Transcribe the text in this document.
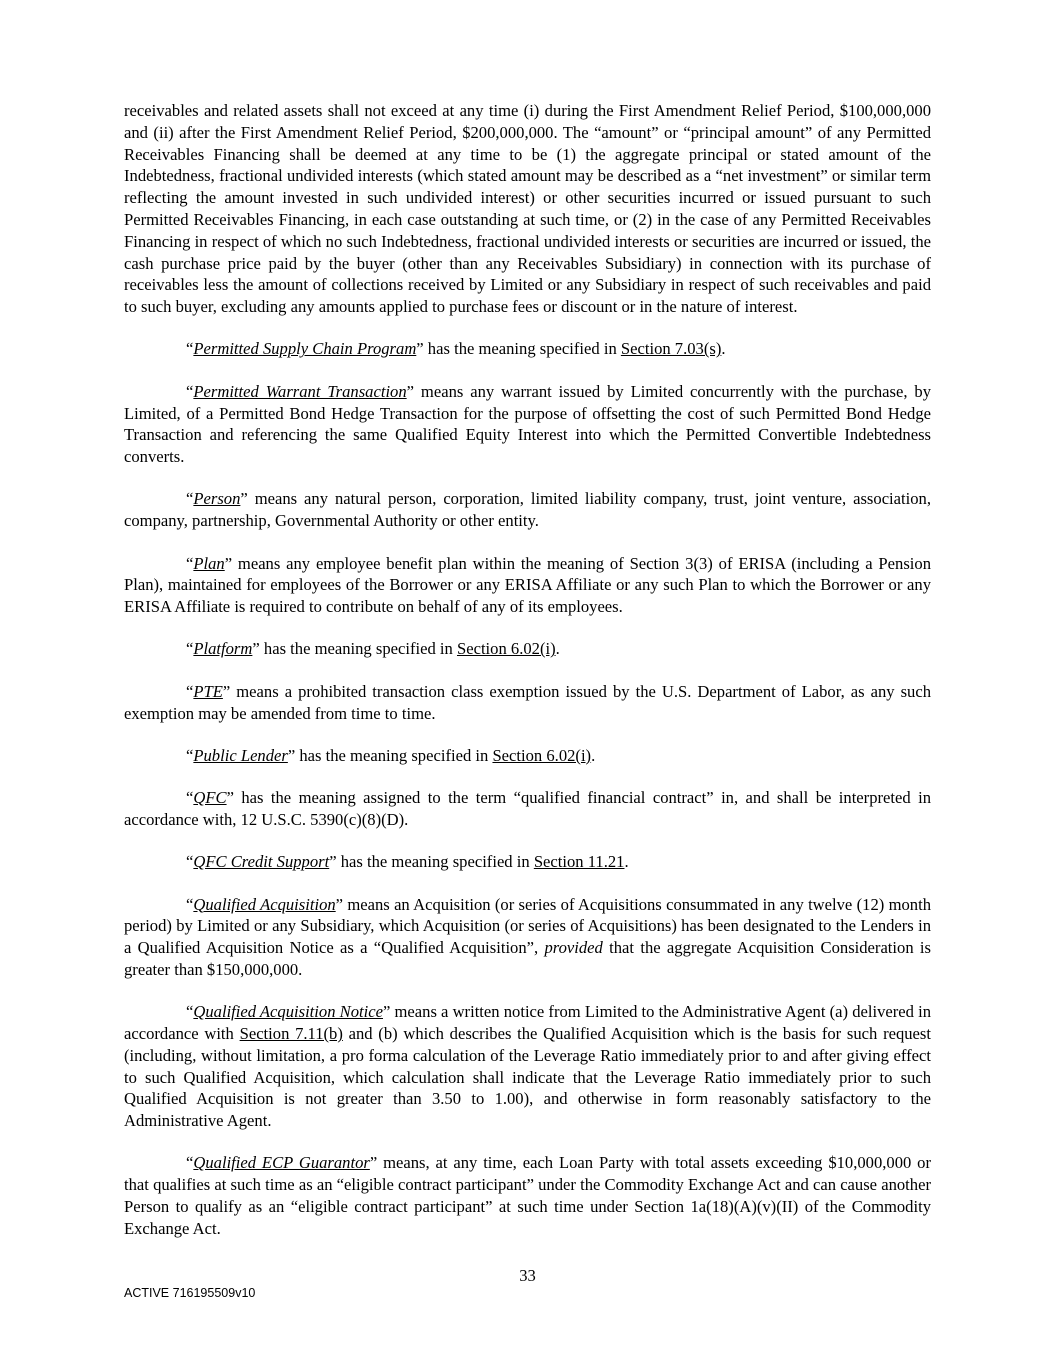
receivables and related assets shall not exceed at any time (i) during the First Amendment Relief Period, $100,000,000 and (ii) after the First Amendment Relief Period, $200,000,000. The “amount” or “principal amount” of any Permitted Receivables Financing shall be deemed at any time to be (1) the aggregate principal or stated amount of the Indebtedness, fractional undivided interests (which stated amount may be described as a “net investment” or similar term reflecting the amount invested in such undivided interest) or other securities incurred or issued pursuant to such Permitted Receivables Financing, in each case outstanding at such time, or (2) in the case of any Permitted Receivables Financing in respect of which no such Indebtedness, fractional undivided interests or securities are incurred or issued, the cash purchase price paid by the buyer (other than any Receivables Subsidiary) in connection with its purchase of receivables less the amount of collections received by Limited or any Subsidiary in respect of such receivables and paid to such buyer, excluding any amounts applied to purchase fees or discount or in the nature of interest.

“Permitted Supply Chain Program” has the meaning specified in Section 7.03(s).

“Permitted Warrant Transaction” means any warrant issued by Limited concurrently with the purchase, by Limited, of a Permitted Bond Hedge Transaction for the purpose of offsetting the cost of such Permitted Bond Hedge Transaction and referencing the same Qualified Equity Interest into which the Permitted Convertible Indebtedness converts.

“Person” means any natural person, corporation, limited liability company, trust, joint venture, association, company, partnership, Governmental Authority or other entity.

“Plan” means any employee benefit plan within the meaning of Section 3(3) of ERISA (including a Pension Plan), maintained for employees of the Borrower or any ERISA Affiliate or any such Plan to which the Borrower or any ERISA Affiliate is required to contribute on behalf of any of its employees.

“Platform” has the meaning specified in Section 6.02(i).

“PTE” means a prohibited transaction class exemption issued by the U.S. Department of Labor, as any such exemption may be amended from time to time.

“Public Lender” has the meaning specified in Section 6.02(i).

“QFC” has the meaning assigned to the term “qualified financial contract” in, and shall be interpreted in accordance with, 12 U.S.C. 5390(c)(8)(D).

“QFC Credit Support” has the meaning specified in Section 11.21.

“Qualified Acquisition” means an Acquisition (or series of Acquisitions consummated in any twelve (12) month period) by Limited or any Subsidiary, which Acquisition (or series of Acquisitions) has been designated to the Lenders in a Qualified Acquisition Notice as a “Qualified Acquisition”, provided that the aggregate Acquisition Consideration is greater than $150,000,000.

“Qualified Acquisition Notice” means a written notice from Limited to the Administrative Agent (a) delivered in accordance with Section 7.11(b) and (b) which describes the Qualified Acquisition which is the basis for such request (including, without limitation, a pro forma calculation of the Leverage Ratio immediately prior to and after giving effect to such Qualified Acquisition, which calculation shall indicate that the Leverage Ratio immediately prior to such Qualified Acquisition is not greater than 3.50 to 1.00), and otherwise in form reasonably satisfactory to the Administrative Agent.

“Qualified ECP Guarantor” means, at any time, each Loan Party with total assets exceeding $10,000,000 or that qualifies at such time as an “eligible contract participant” under the Commodity Exchange Act and can cause another Person to qualify as an “eligible contract participant” at such time under Section 1a(18)(A)(v)(II) of the Commodity Exchange Act.

33
ACTIVE 716195509v10
